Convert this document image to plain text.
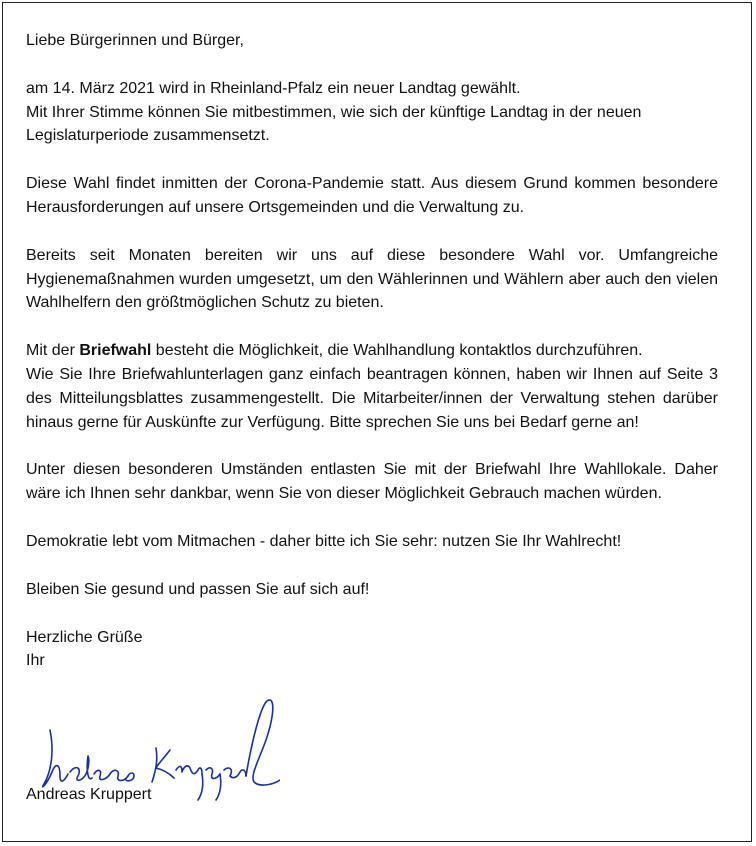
Liebe Bürgerinnen und Bürger,

am 14. März 2021 wird in Rheinland-Pfalz ein neuer Landtag gewählt.
Mit Ihrer Stimme können Sie mitbestimmen, wie sich der künftige Landtag in der neuen Legislaturperiode zusammensetzt.

Diese Wahl findet inmitten der Corona-Pandemie statt. Aus diesem Grund kommen besondere Herausforderungen auf unsere Ortsgemeinden und die Verwaltung zu.

Bereits seit Monaten bereiten wir uns auf diese besondere Wahl vor. Umfangreiche Hygienemaßnahmen wurden umgesetzt, um den Wählerinnen und Wählern aber auch den vielen Wahlhelfern den größtmöglichen Schutz zu bieten.

Mit der Briefwahl besteht die Möglichkeit, die Wahlhandlung kontaktlos durchzuführen.
Wie Sie Ihre Briefwahlunterlagen ganz einfach beantragen können, haben wir Ihnen auf Seite 3 des Mitteilungsblattes zusammengestellt. Die Mitarbeiter/innen der Verwaltung stehen darüber hinaus gerne für Auskünfte zur Verfügung. Bitte sprechen Sie uns bei Bedarf gerne an!

Unter diesen besonderen Umständen entlasten Sie mit der Briefwahl Ihre Wahllokale. Daher wäre ich Ihnen sehr dankbar, wenn Sie von dieser Möglichkeit Gebrauch machen würden.

Demokratie lebt vom Mitmachen - daher bitte ich Sie sehr: nutzen Sie Ihr Wahlrecht!

Bleiben Sie gesund und passen Sie auf sich auf!

Herzliche Grüße
Ihr
Andreas Kruppert
